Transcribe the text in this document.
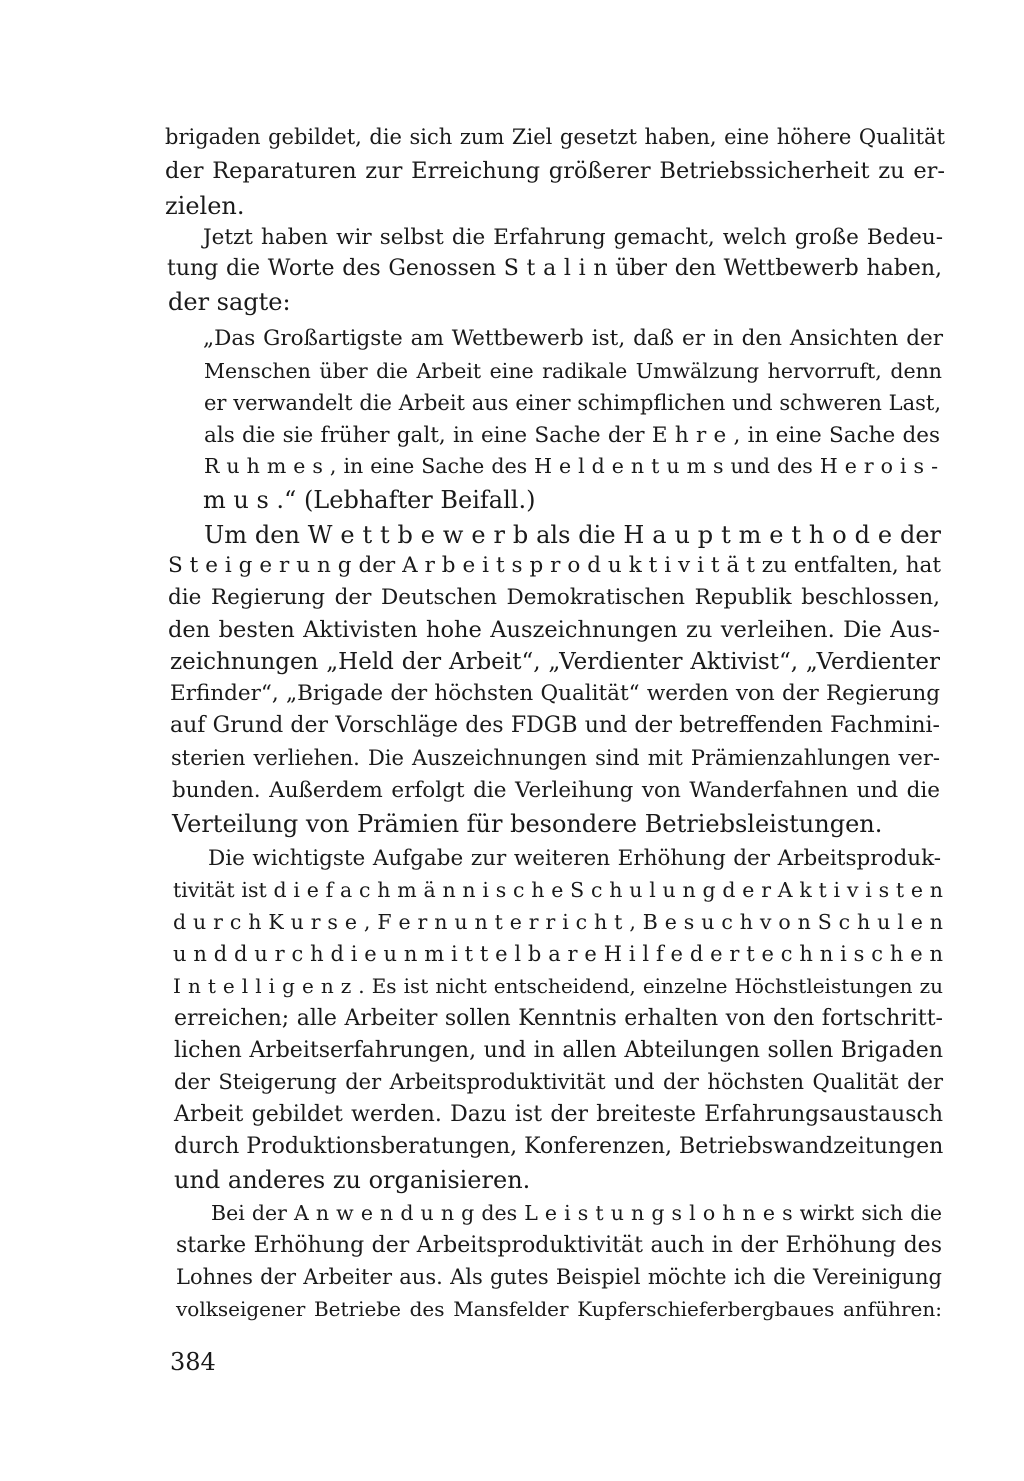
brigaden gebildet, die sich zum Ziel gesetzt haben, eine höhere Qualität

der Reparaturen zur Erreichung größerer Betriebssicherheit zu er-

zielen.

Jetzt haben wir selbst die Erfahrung gemacht, welch große Bedeu-

tung die Worte des Genossen S t a l i n über den Wettbewerb haben,

der sagte:

„Das Großartigste am Wettbewerb ist, daß er in den Ansichten der

Menschen über die Arbeit eine radikale Umwälzung hervorruft, denn

er verwandelt die Arbeit aus einer schimpflichen und schweren Last,

als die sie früher galt, in eine Sache der E h r e , in eine Sache des

R u h m e s , in eine Sache des H e l d e n t u m s und des H e r o i s -

m u s .“ (Lebhafter Beifall.)

Um den W e t t b e w e r b als die H a u p t m e t h o d e der

S t e i g e r u n g der A r b e i t s p r o d u k t i v i t ä t zu entfalten, hat

die Regierung der Deutschen Demokratischen Republik beschlossen,

den besten Aktivisten hohe Auszeichnungen zu verleihen. Die Aus-

zeichnungen „Held der Arbeit“, „Verdienter Aktivist“, „Verdienter

Erfinder“, „Brigade der höchsten Qualität“ werden von der Regierung

auf Grund der Vorschläge des FDGB und der betreffenden Fachmini-

sterien verliehen. Die Auszeichnungen sind mit Prämienzahlungen ver-

bunden. Außerdem erfolgt die Verleihung von Wanderfahnen und die

Verteilung von Prämien für besondere Betriebsleistungen.

Die wichtigste Aufgabe zur weiteren Erhöhung der Arbeitsproduk-

tivität ist d i e f a c h m ä n n i s c h e S c h u l u n g d e r A k t i v i s t e n

d u r c h K u r s e , F e r n u n t e r r i c h t , B e s u c h v o n S c h u l e n

u n d d u r c h d i e u n m i t t e l b a r e H i l f e d e r t e c h n i s c h e n

I n t e l l i g e n z . Es ist nicht entscheidend, einzelne Höchstleistungen zu

erreichen; alle Arbeiter sollen Kenntnis erhalten von den fortschritt-

lichen Arbeitserfahrungen, und in allen Abteilungen sollen Brigaden

der Steigerung der Arbeitsproduktivität und der höchsten Qualität der

Arbeit gebildet werden. Dazu ist der breiteste Erfahrungsaustausch

durch Produktionsberatungen, Konferenzen, Betriebswandzeitungen

und anderes zu organisieren.

Bei der A n w e n d u n g des L e i s t u n g s l o h n e s wirkt sich die

starke Erhöhung der Arbeitsproduktivität auch in der Erhöhung des

Lohnes der Arbeiter aus. Als gutes Beispiel möchte ich die Vereinigung

volkseigener Betriebe des Mansfelder Kupferschieferbergbaues anführen:

384
